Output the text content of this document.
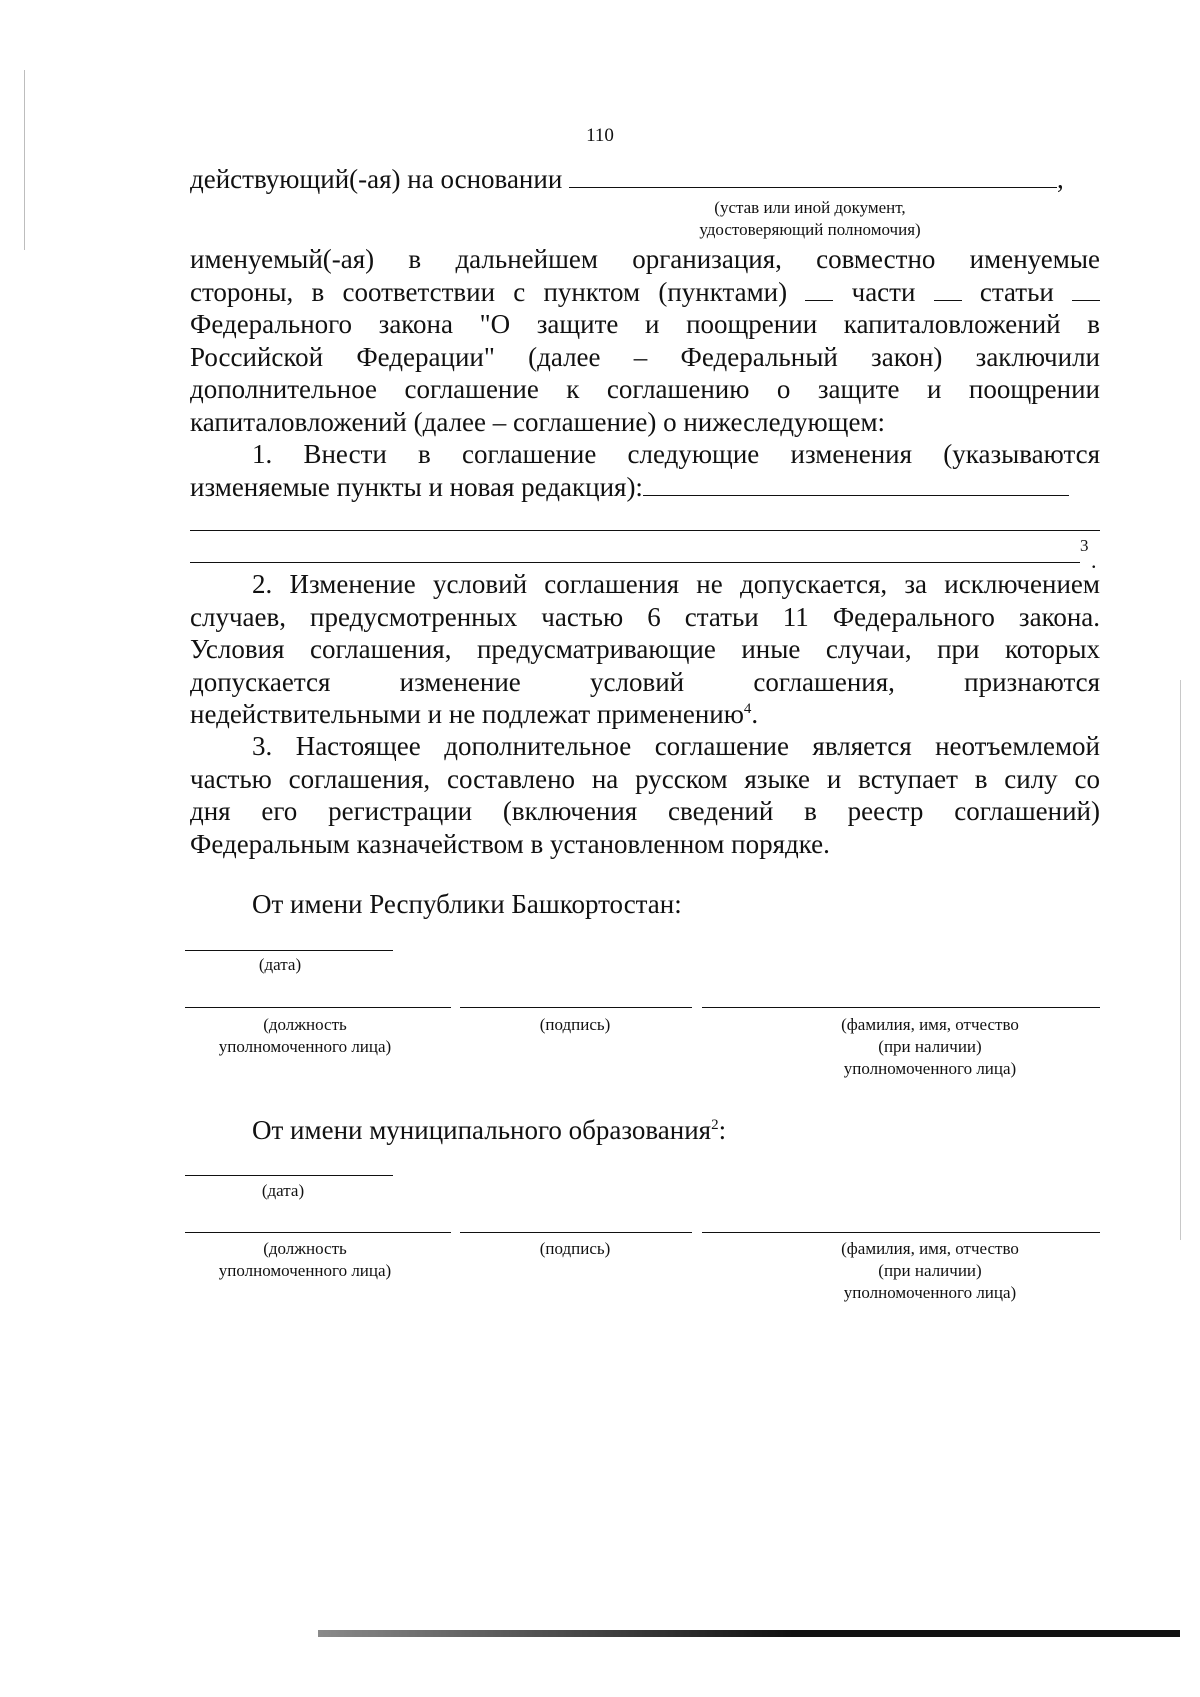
110
действующий(-ая) на основании	,
(устав или иной документ,
удостоверяющий полномочия)
именуемый(-ая) в дальнейшем организация, совместно именуемые
стороны, в соответствии с пунктом (пунктами) части статьи
Федерального закона "О защите и поощрении капиталовложений в
Российской Федерации" (далее – Федеральный закон) заключили
дополнительное соглашение к соглашению о защите и поощрении
капиталовложений (далее – соглашение) о нижеследующем:
1. Внести в соглашение следующие изменения (указываются
изменяемые пункты и новая редакция):
3
.
2. Изменение условий соглашения не допускается, за исключением
случаев, предусмотренных частью 6 статьи 11 Федерального закона.
Условия соглашения, предусматривающие иные случаи, при которых
допускается изменение условий соглашения, признаются
недействительными и не подлежат применению$^4$.
3. Настоящее дополнительное соглашение является неотъемлемой
частью соглашения, составлено на русском языке и вступает в силу со
дня его регистрации (включения сведений в реестр соглашений)
Федеральным казначейством в установленном порядке.
От имени Республики Башкортостан:
(дата)
(должность
уполномоченного лица)
(подпись)	(фамилия, имя, отчество
(при наличии)
уполномоченного лица)
От имени муниципального образования$^2$:
(дата)
(должность
уполномоченного лица)
(подпись)	(фамилия, имя, отчество
(при наличии)
уполномоченного лица)
